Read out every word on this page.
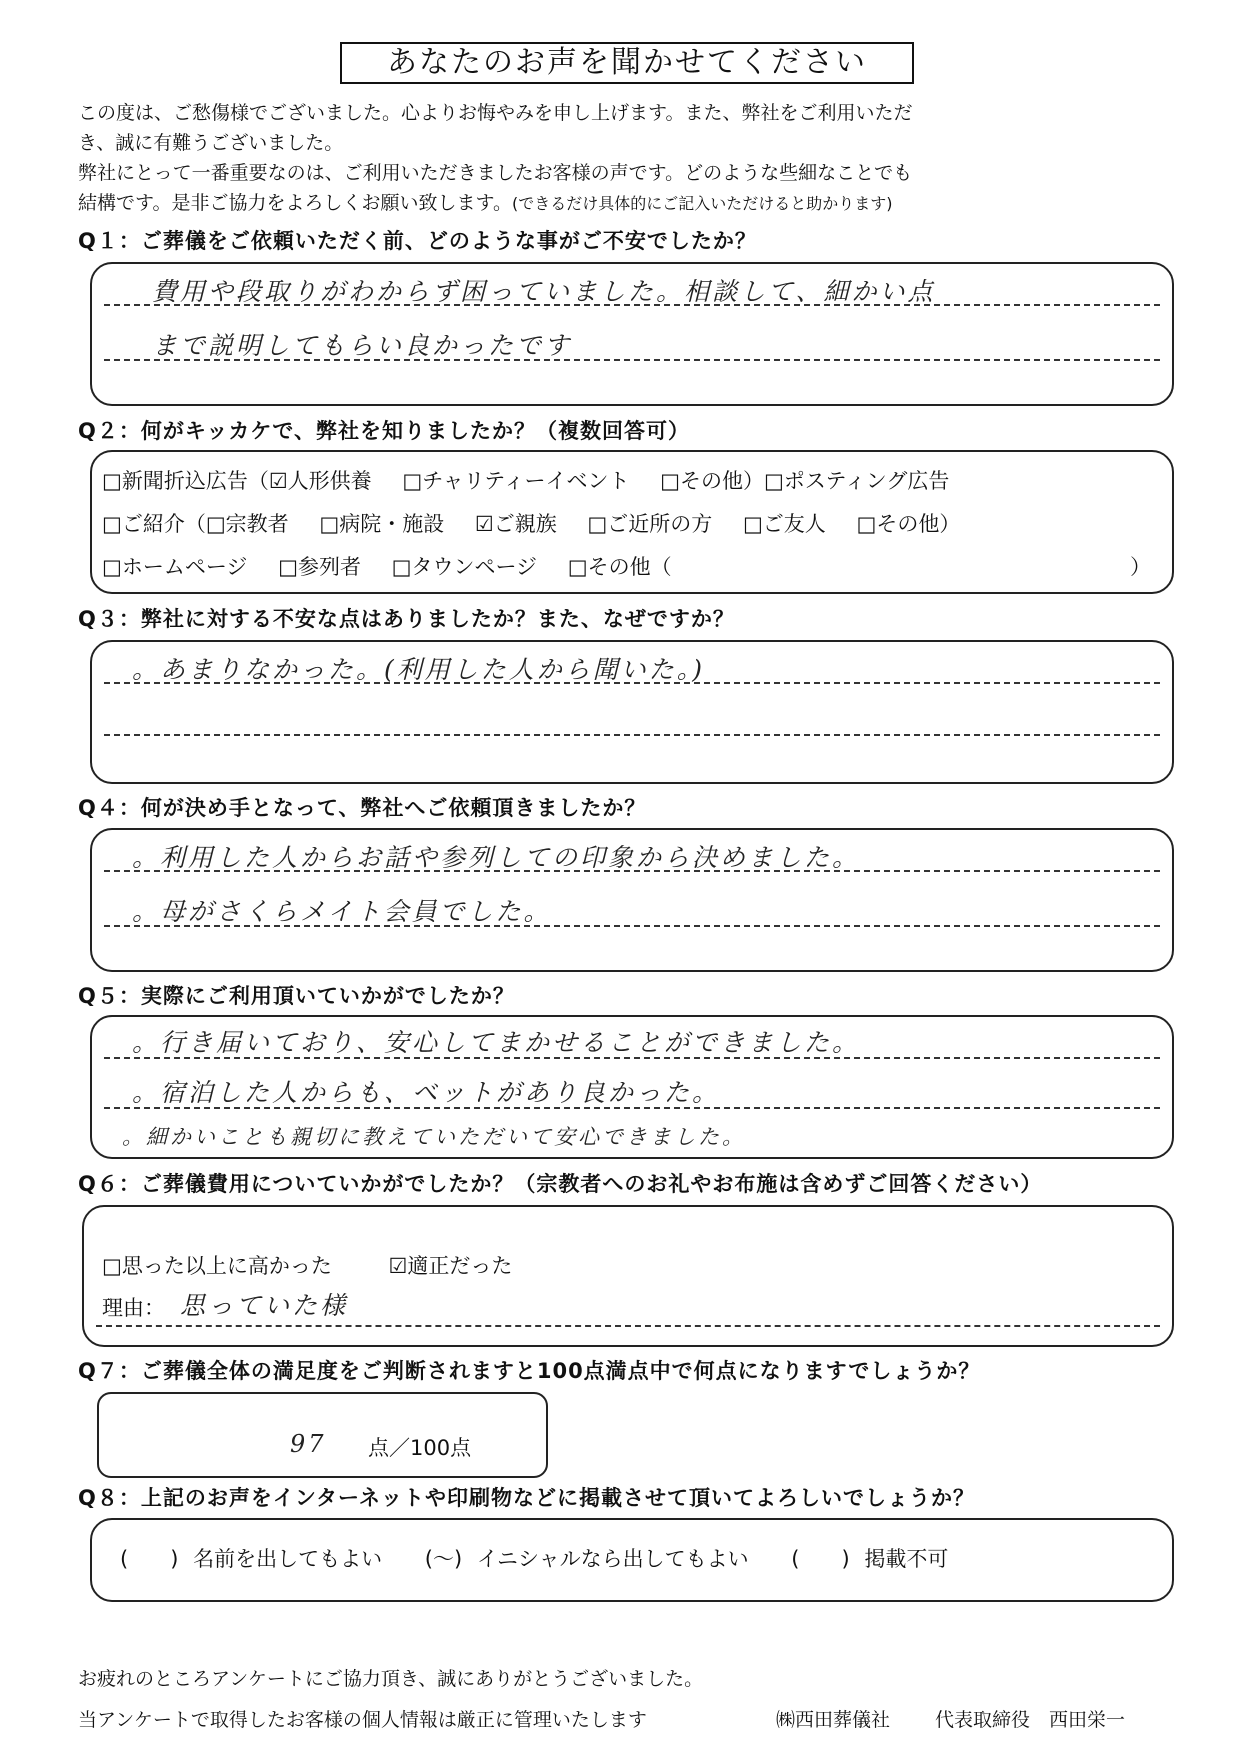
あなたのお声を聞かせてください

この度は、ご愁傷様でございました。心よりお悔やみを申し上げます。また、弊社をご利用いただ

き、誠に有難うございました。

弊社にとって一番重要なのは、ご利用いただきましたお客様の声です。どのような些細なことでも

結構です。是非ご協力をよろしくお願い致します。(できるだけ具体的にご記入いただけると助かります)

Q１：ご葬儀をご依頼いただく前、どのような事がご不安でしたか？
費用や段取りがわからず困っていました。相談して、細かい点
まで説明してもらい良かったです
Q２：何がキッカケで、弊社を知りましたか？（複数回答可）
□新聞折込広告（☑人形供養 □チャリティーイベント □その他）□ポスティング広告
□ご紹介（□宗教者 □病院・施設 ☑ご親族 □ご近所の方 □ご友人 □その他）
□ホームページ □参列者 □タウンページ □その他（	）
Q３：弊社に対する不安な点はありましたか？また、なぜですか？
。あまりなかった。(利用した人から聞いた。)
Q４：何が決め手となって、弊社へご依頼頂きましたか？
。利用した人からお話や参列しての印象から決めました。
。母がさくらメイト会員でした。
Q５：実際にご利用頂いていかがでしたか？
。行き届いており、安心してまかせることができました。
。宿泊した人からも、ベットがあり良かった。
。細かいことも親切に教えていただいて安心できました。
Q６：ご葬儀費用についていかがでしたか？（宗教者へのお礼やお布施は含めずご回答ください）
□思った以上に高かった	☑適正だった
理由： 思っていた様
Q７：ご葬儀全体の満足度をご判断されますと100点満点中で何点になりますでしょうか？
97 点／100点
Q８：上記のお声をインターネットや印刷物などに掲載させて頂いてよろしいでしょうか？
(　　) 名前を出してもよい (〜) イニシャルなら出してもよい (　　) 掲載不可
お疲れのところアンケートにご協力頂き、誠にありがとうございました。
当アンケートで取得したお客様の個人情報は厳正に管理いたします	㈱西田葬儀社 代表取締役　西田栄一
